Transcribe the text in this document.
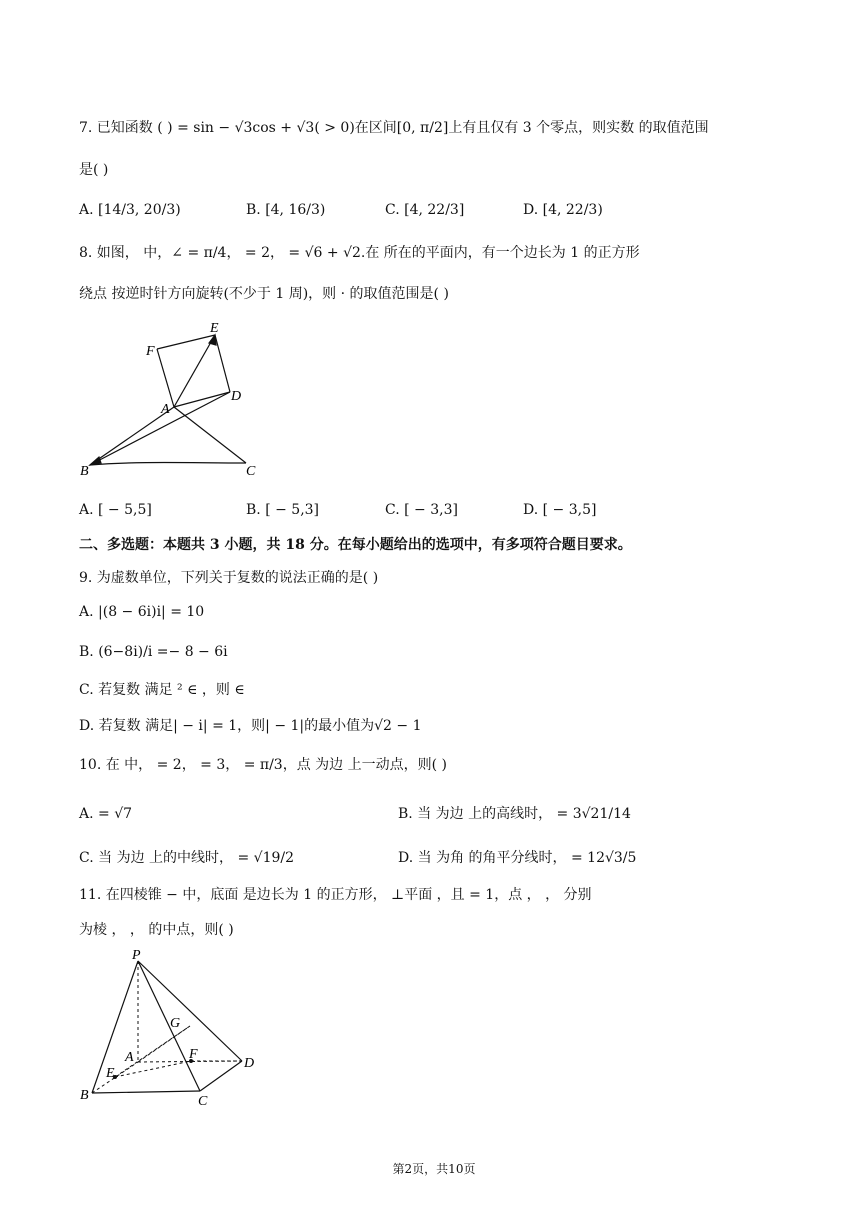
7. 已知函数 ( ) = sin − √3cos + √3( > 0)在区间[0, π/2]上有且仅有 3 个零点，则实数 的取值范围
是( )
A. [14/3, 20/3)	B. [4, 16/3)	C. [4, 22/3]	D. [4, 22/3)
8. 如图， 中，∠ = π/4， = 2， = √6 + √2.在 所在的平面内，有一个边长为 1 的正方形
绕点 按逆时针方向旋转(不少于 1 周)，则 · 的取值范围是( )
E
F
A
D
B	C
A. [ − 5,5]	B. [ − 5,3]	C. [ − 3,3]	D. [ − 3,5]
二、多选题：本题共 3 小题，共 18 分。在每小题给出的选项中，有多项符合题目要求。
9. 为虚数单位，下列关于复数的说法正确的是( )
A. |(8 − 6i)i| = 10
B. (6−8i)/i =− 8 − 6i
C. 若复数 满足 ² ∈ ，则 ∈
D. 若复数 满足| − i| = 1，则| − 1|的最小值为√2 − 1
10. 在 中， = 2， = 3， = π/3，点 为边 上一动点，则( )
A. = √7	B. 当 为边 上的高线时， = 3√21/14
C. 当 为边 上的中线时， = √19/2	D. 当 为角 的角平分线时， = 12√3/5
11. 在四棱锥 − 中，底面 是边长为 1 的正方形， ⊥平面 ，且 = 1，点 ， ， 分别
为棱 ， ， 的中点，则( )
P
G
A	F
D
E
B	C
第2页，共10页
